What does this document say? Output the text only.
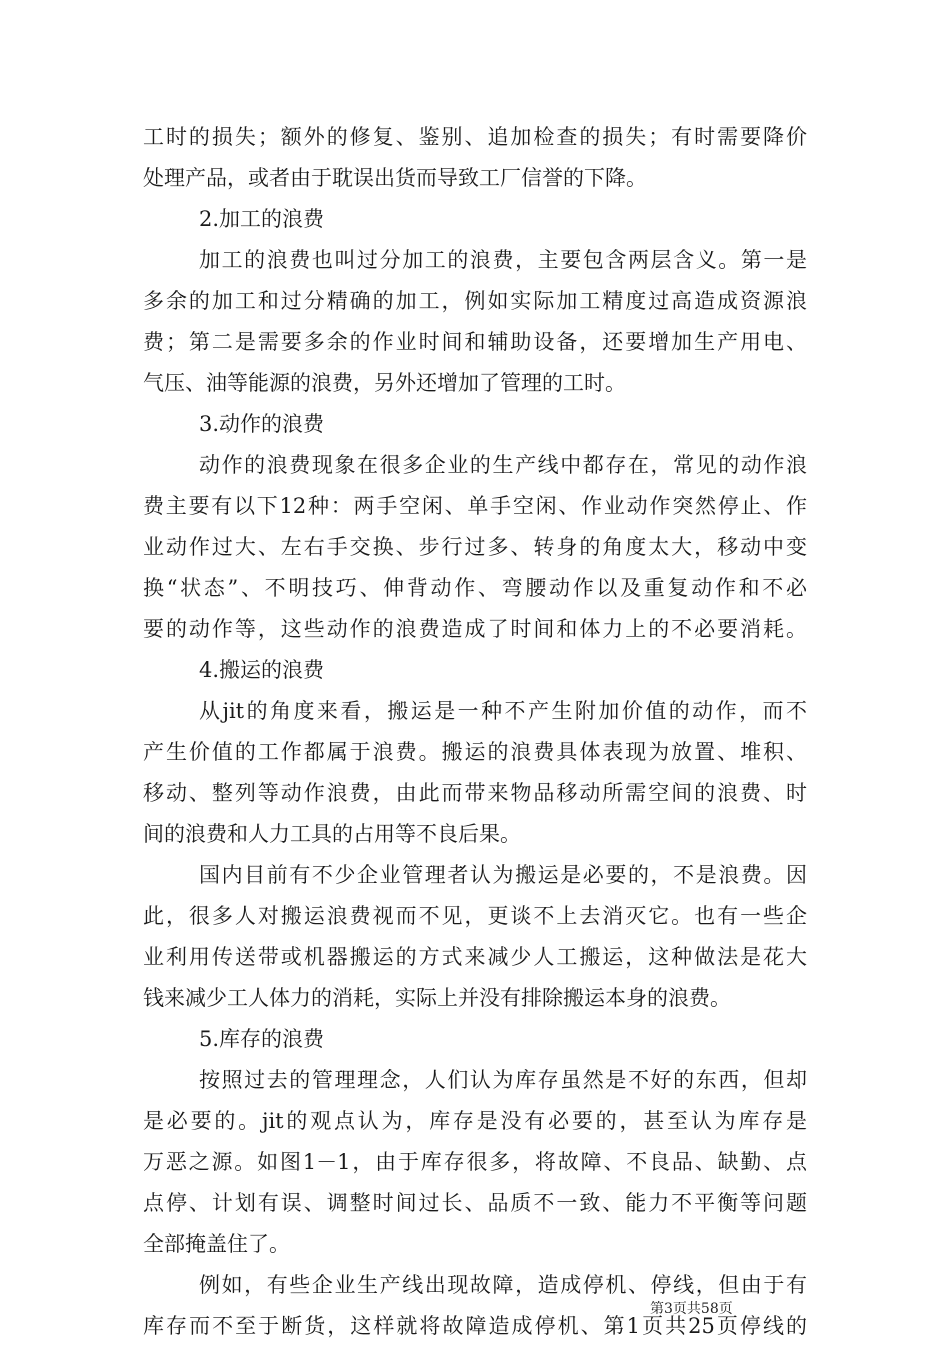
工时的损失；额外的修复、鉴别、追加检查的损失；有时需要降价
处理产品，或者由于耽误出货而导致工厂信誉的下降。
2.加工的浪费
加工的浪费也叫过分加工的浪费，主要包含两层含义。第一是
多余的加工和过分精确的加工，例如实际加工精度过高造成资源浪
费；第二是需要多余的作业时间和辅助设备，还要增加生产用电、
气压、油等能源的浪费，另外还增加了管理的工时。
3.动作的浪费
动作的浪费现象在很多企业的生产线中都存在，常见的动作浪
费主要有以下12种：两手空闲、单手空闲、作业动作突然停止、作
业动作过大、左右手交换、步行过多、转身的角度太大，移动中变
换“状态”、不明技巧、伸背动作、弯腰动作以及重复动作和不必
要的动作等，这些动作的浪费造成了时间和体力上的不必要消耗。
4.搬运的浪费
从jit的角度来看，搬运是一种不产生附加价值的动作，而不
产生价值的工作都属于浪费。搬运的浪费具体表现为放置、堆积、
移动、整列等动作浪费，由此而带来物品移动所需空间的浪费、时
间的浪费和人力工具的占用等不良后果。
国内目前有不少企业管理者认为搬运是必要的，不是浪费。因
此，很多人对搬运浪费视而不见，更谈不上去消灭它。也有一些企
业利用传送带或机器搬运的方式来减少人工搬运，这种做法是花大
钱来减少工人体力的消耗，实际上并没有排除搬运本身的浪费。
5.库存的浪费
按照过去的管理理念，人们认为库存虽然是不好的东西，但却
是必要的。jit的观点认为，库存是没有必要的，甚至认为库存是
万恶之源。如图1－1，由于库存很多，将故障、不良品、缺勤、点
点停、计划有误、调整时间过长、品质不一致、能力不平衡等问题
全部掩盖住了。
例如，有些企业生产线出现故障，造成停机、停线，但由于有
库存而不至于断货，这样就将故障造成停机、第1页共25页停线的
第3页共58页
